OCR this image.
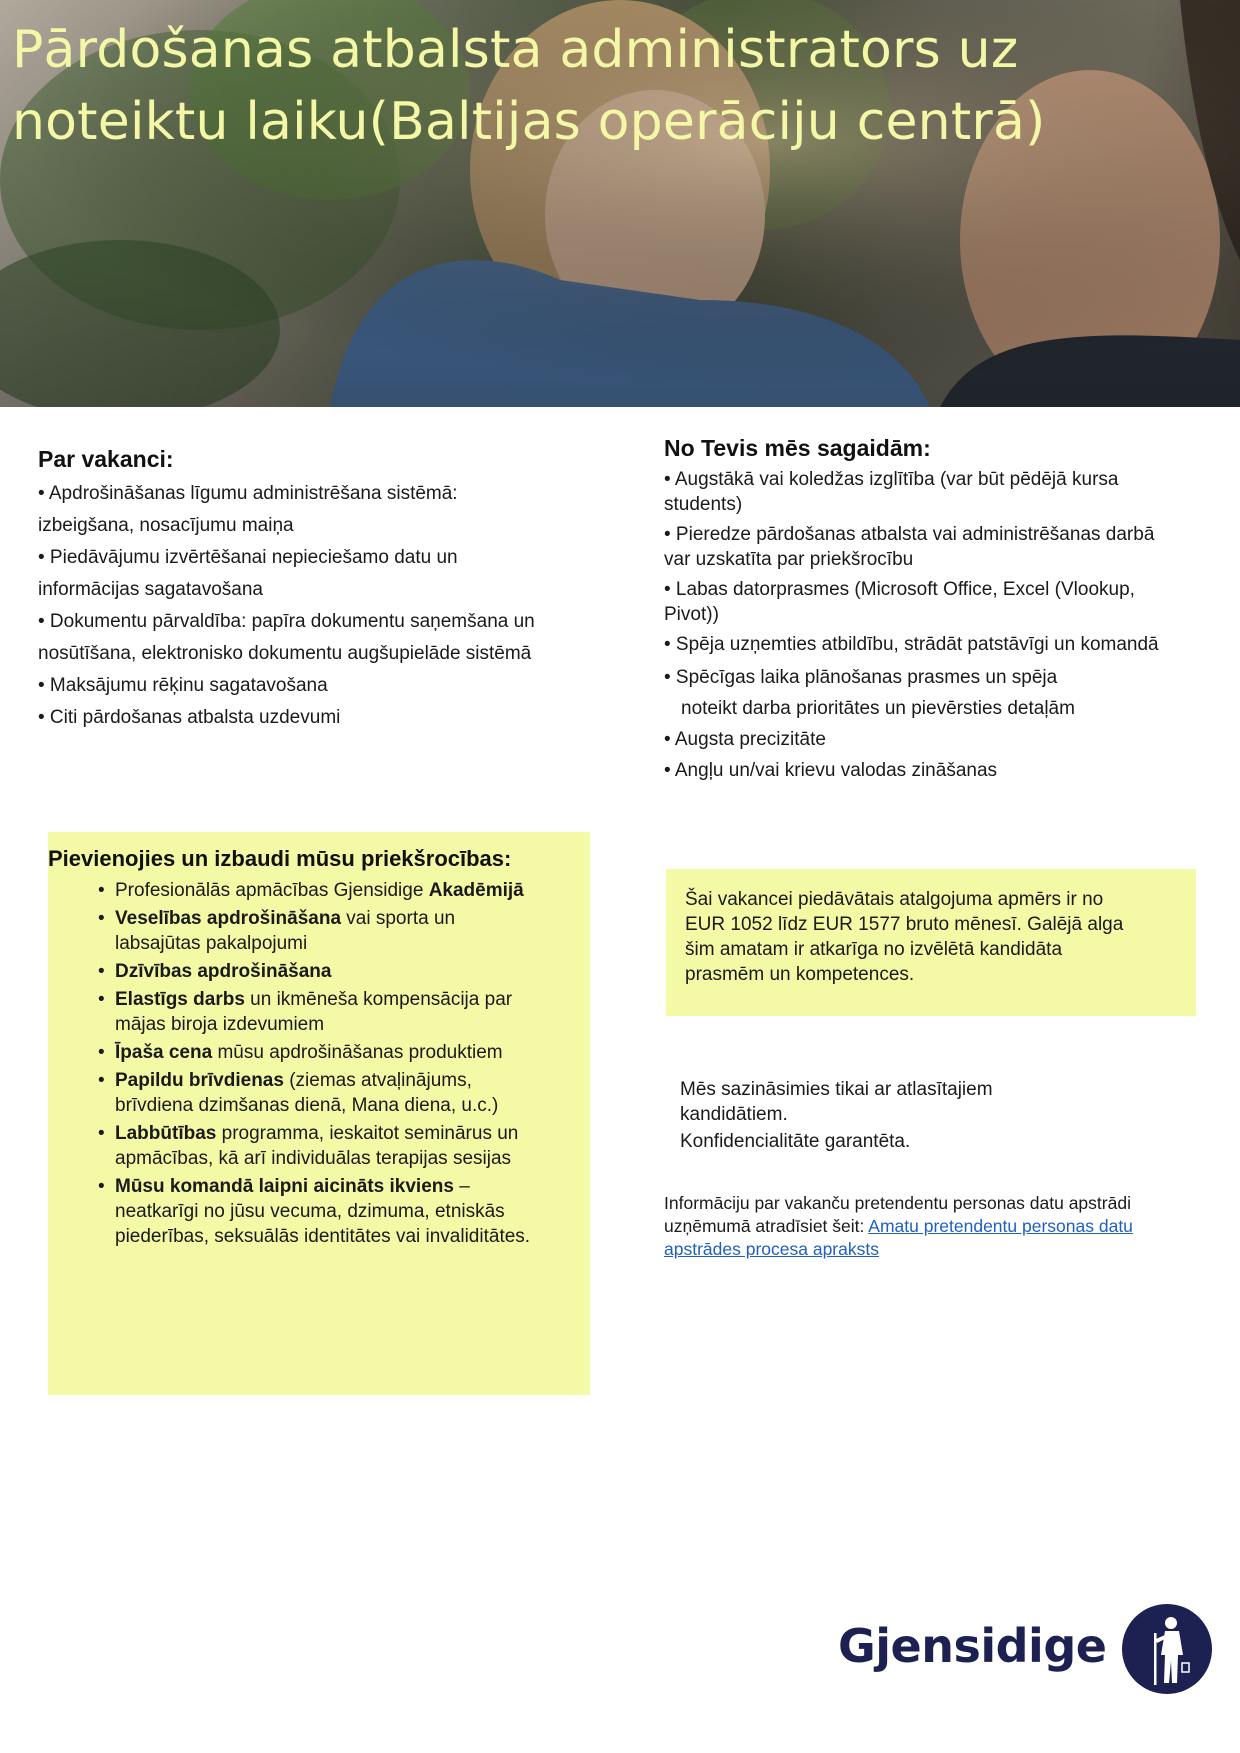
Pārdošanas atbalsta administrators uz
noteiktu laiku(Baltijas operāciju centrā)
Par vakanci:
• Apdrošināšanas līgumu administrēšana sistēmā:
izbeigšana, nosacījumu maiņa
• Piedāvājumu izvērtēšanai nepieciešamo datu un
informācijas sagatavošana
• Dokumentu pārvaldība: papīra dokumentu saņemšana un
nosūtīšana, elektronisko dokumentu augšupielāde sistēmā
• Maksājumu rēķinu sagatavošana
• Citi pārdošanas atbalsta uzdevumi
No Tevis mēs sagaidām:
• Augstākā vai koledžas izglītība (var būt pēdējā kursa students)
• Pieredze pārdošanas atbalsta vai administrēšanas darbā var uzskatīta par priekšrocību
• Labas datorprasmes (Microsoft Office, Excel (Vlookup, Pivot))
• Spēja uzņemties atbildību, strādāt patstāvīgi un komandā
• Spēcīgas laika plānošanas prasmes un spēja
noteikt darba prioritātes un pievērsties detaļām
• Augsta precizitāte
• Angļu un/vai krievu valodas zināšanas
Pievienojies un izbaudi mūsu priekšrocības:
• Profesionālās apmācības Gjensidige Akadēmijā
• Veselības apdrošināšana vai sporta un labsajūtas pakalpojumi
• Dzīvības apdrošināšana
• Elastīgs darbs un ikmēneša kompensācija par mājas biroja izdevumiem
• Īpaša cena mūsu apdrošināšanas produktiem
• Papildu brīvdienas (ziemas atvaļinājums, brīvdiena dzimšanas dienā, Mana diena, u.c.)
• Labbūtības programma, ieskaitot seminārus un apmācības, kā arī individuālas terapijas sesijas
• Mūsu komandā laipni aicināts ikviens – neatkarīgi no jūsu vecuma, dzimuma, etniskās piederības, seksuālās identitātes vai invaliditātes.

Šai vakancei piedāvātais atalgojuma apmērs ir no EUR 1052 līdz EUR 1577 bruto mēnesī. Galējā alga šim amatam ir atkarīga no izvēlētā kandidāta prasmēm un kompetences.

Mēs sazināsimies tikai ar atlasītajiem kandidātiem.

Konfidencialitāte garantēta.

Informāciju par vakanču pretendentu personas datu apstrādi uzņēmumā atradīsiet šeit: Amatu pretendentu personas datu apstrādes procesa apraksts
Gjensidige
